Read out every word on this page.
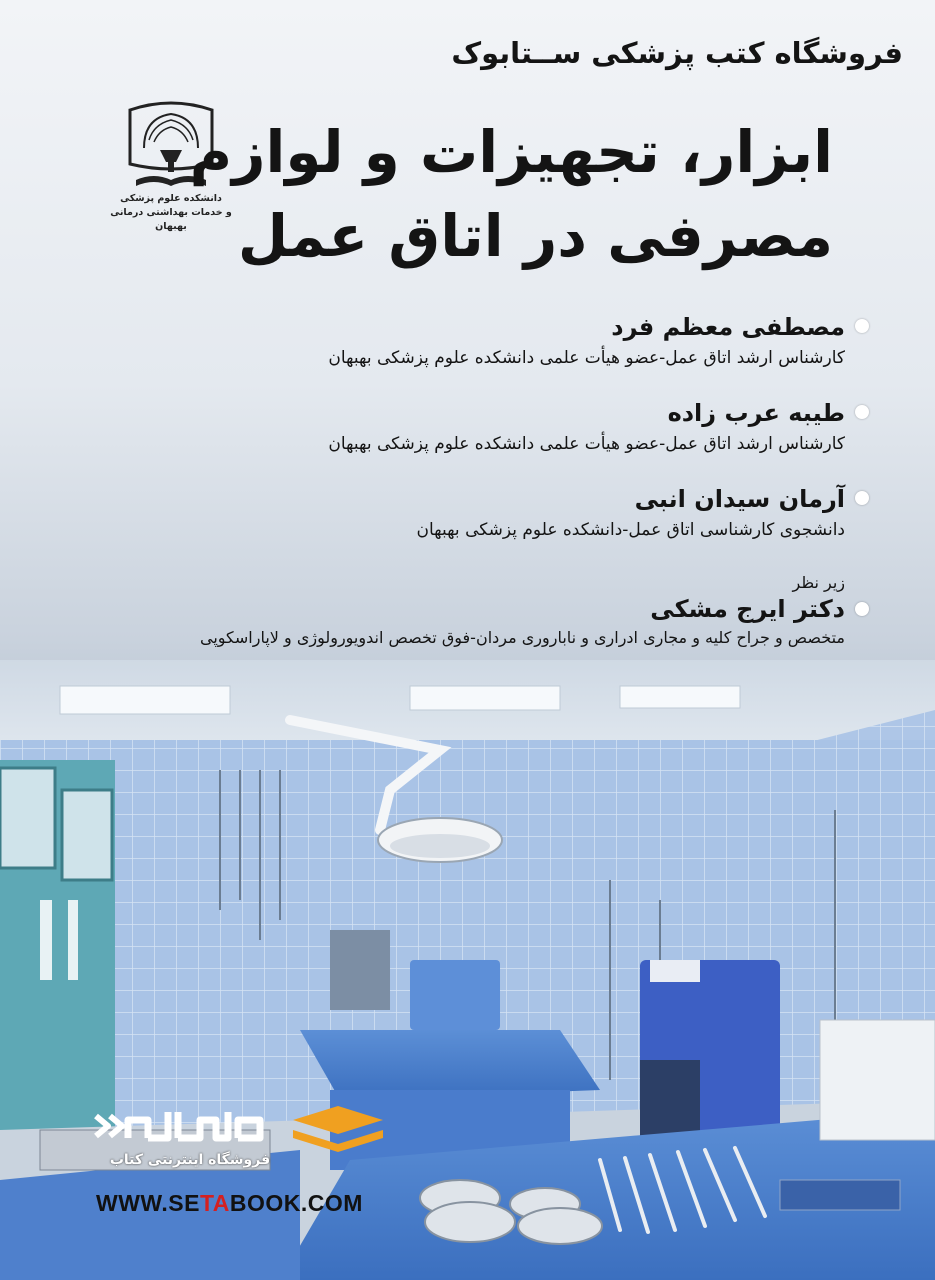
فروشگاه کتب پزشکی ســتابوک
دانشکده علوم پزشکی
و خدمات بهداشتی درمانی بهبهان
ابزار، تجهیزات و لوازم
مصرفی در اتاق عمل
مصطفی معظم فرد
کارشناس ارشد اتاق عمل-عضو هیأت علمی دانشکده علوم پزشکی بهبهان
طیبه عرب زاده
کارشناس ارشد اتاق عمل-عضو هیأت علمی دانشکده علوم پزشکی بهبهان
آرمان سیدان انبی
دانشجوی کارشناسی اتاق عمل-دانشکده علوم پزشکی بهبهان
زیر نظر
دکتر ایرج مشکی
متخصص و جراح کلیه و مجاری ادراری و ناباروری مردان-فوق تخصص اندویورولوژی و لاپاراسکوپی
فروشگاه اینترنتی کتاب
WWW.SETABOOK.COM
